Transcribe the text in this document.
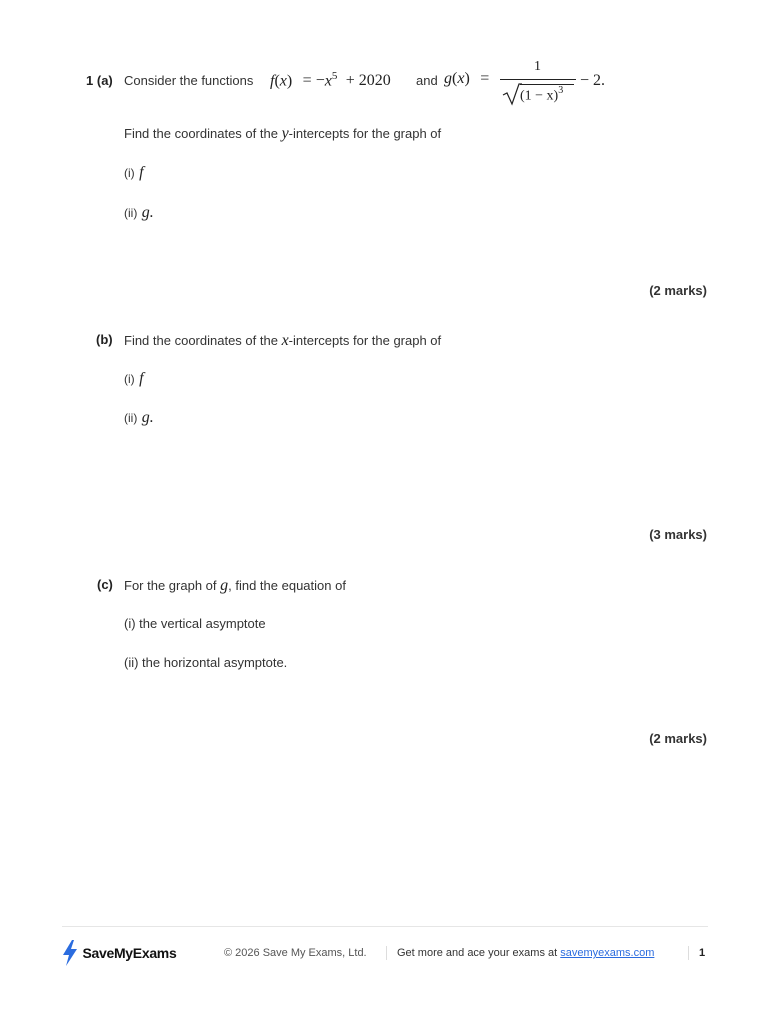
1 (a) Consider the functions $f(x) = -x^5 + 2020$ and g(x) =
1
$(1 - x)^3$
− 2.
Find the coordinates of the y-intercepts for the graph of
(i) f
(ii) g.
(2 marks)
(b) Find the coordinates of the x-intercepts for the graph of
(i) f
(ii) g.
(3 marks)
(c) For the graph of g, find the equation of
(i) the vertical asymptote
(ii) the horizontal asymptote.
(2 marks)
SaveMyExams	© 2026 Save My Exams, Ltd.	Get more and ace your exams at savemyexams.com	1
